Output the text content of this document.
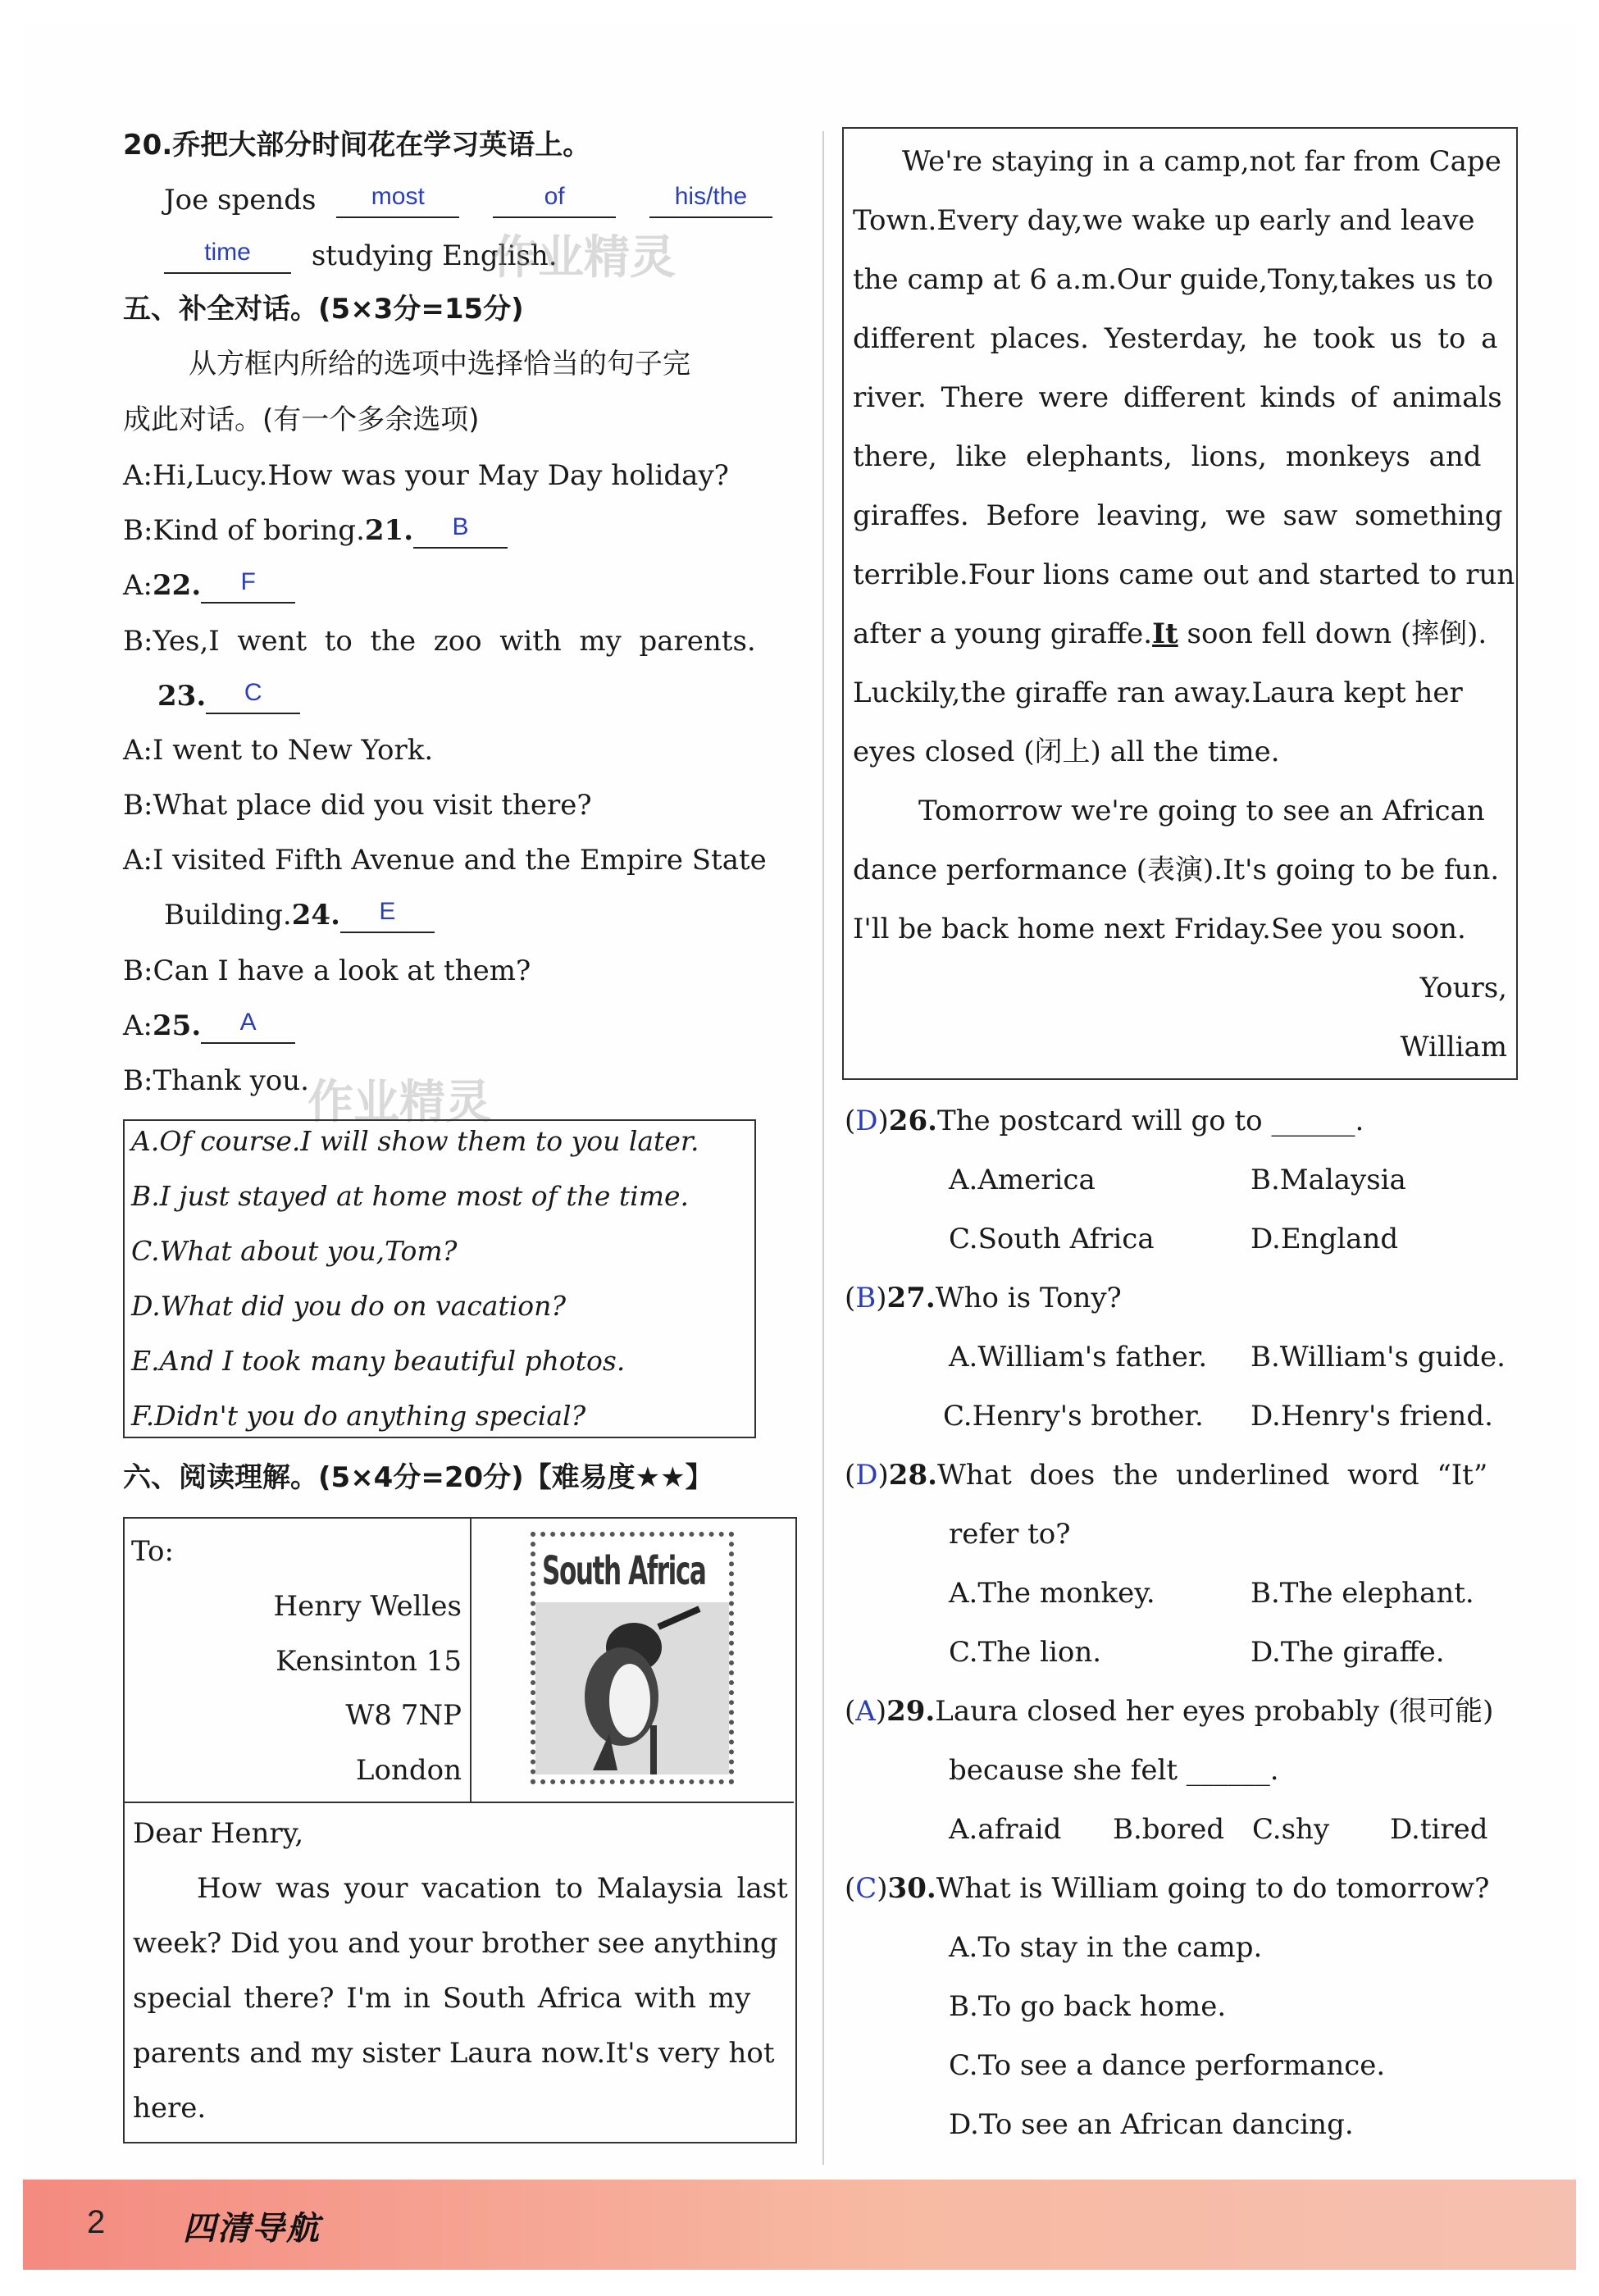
20.乔把大部分时间花在学习英语上。
Joe spends	most
	of
	his/the
time	studying English.
五、补全对话。(5×3分=15分)
从方框内所给的选项中选择恰当的句子完
成此对话。(有一个多余选项)
A:Hi,Lucy.How was your May Day holiday?
B:Kind of boring.21.	B
A:22.	F
B:Yes,I  went  to  the  zoo  with  my  parents.
23.	C
A:I went to New York.
B:What place did you visit there?
A:I visited Fifth Avenue and the Empire State
Building.24.	E
B:Can I have a look at them?
A:25.	A
B:Thank you.
作业精灵
作业精灵
A.Of course.I will show them to you later.
B.I just stayed at home most of the time.
C.What about you,Tom?
D.What did you do on vacation?
E.And I took many beautiful photos.
F.Didn't you do anything special?
六、阅读理解。(5×4分=20分)【难易度★★】
To:
Henry Welles
Kensinton 15
W8 7NP
London
South Africa
Dear Henry,
How was your vacation to Malaysia last
week? Did you and your brother see anything
special there? I'm in South Africa with my
parents and my sister Laura now.It's very hot
here.
We're staying in a camp,not far from Cape
Town.Every day,we wake up early and leave
the camp at 6 a.m.Our guide,Tony,takes us to
different places. Yesterday, he took us to a
river. There were different kinds of animals
there, like elephants, lions, monkeys and
giraffes. Before leaving, we saw something
terrible.Four lions came out and started to run
after a young giraffe.It soon fell down (摔倒).
Luckily,the giraffe ran away.Laura kept her
eyes closed (闭上) all the time.
Tomorrow we're going to see an African
dance performance (表演).It's going to be fun.
I'll be back home next Friday.See you soon.
Yours,
William
(D)26.The postcard will go to ______.
A.America	B.Malaysia
C.South Africa	D.England
(B)27.Who is Tony?
A.William's father. B.William's guide.
C.Henry's brother. D.Henry's friend.
(D)28.What  does  the  underlined  word  “It”
refer to?
A.The monkey.	B.The elephant.
C.The lion.	D.The giraffe.
(A)29.Laura closed her eyes probably (很可能)
because she felt ______.
A.afraid B.bored C.shy D.tired
(C)30.What is William going to do tomorrow?
A.To stay in the camp.
B.To go back home.
C.To see a dance performance.
D.To see an African dancing.
2 四清导航
